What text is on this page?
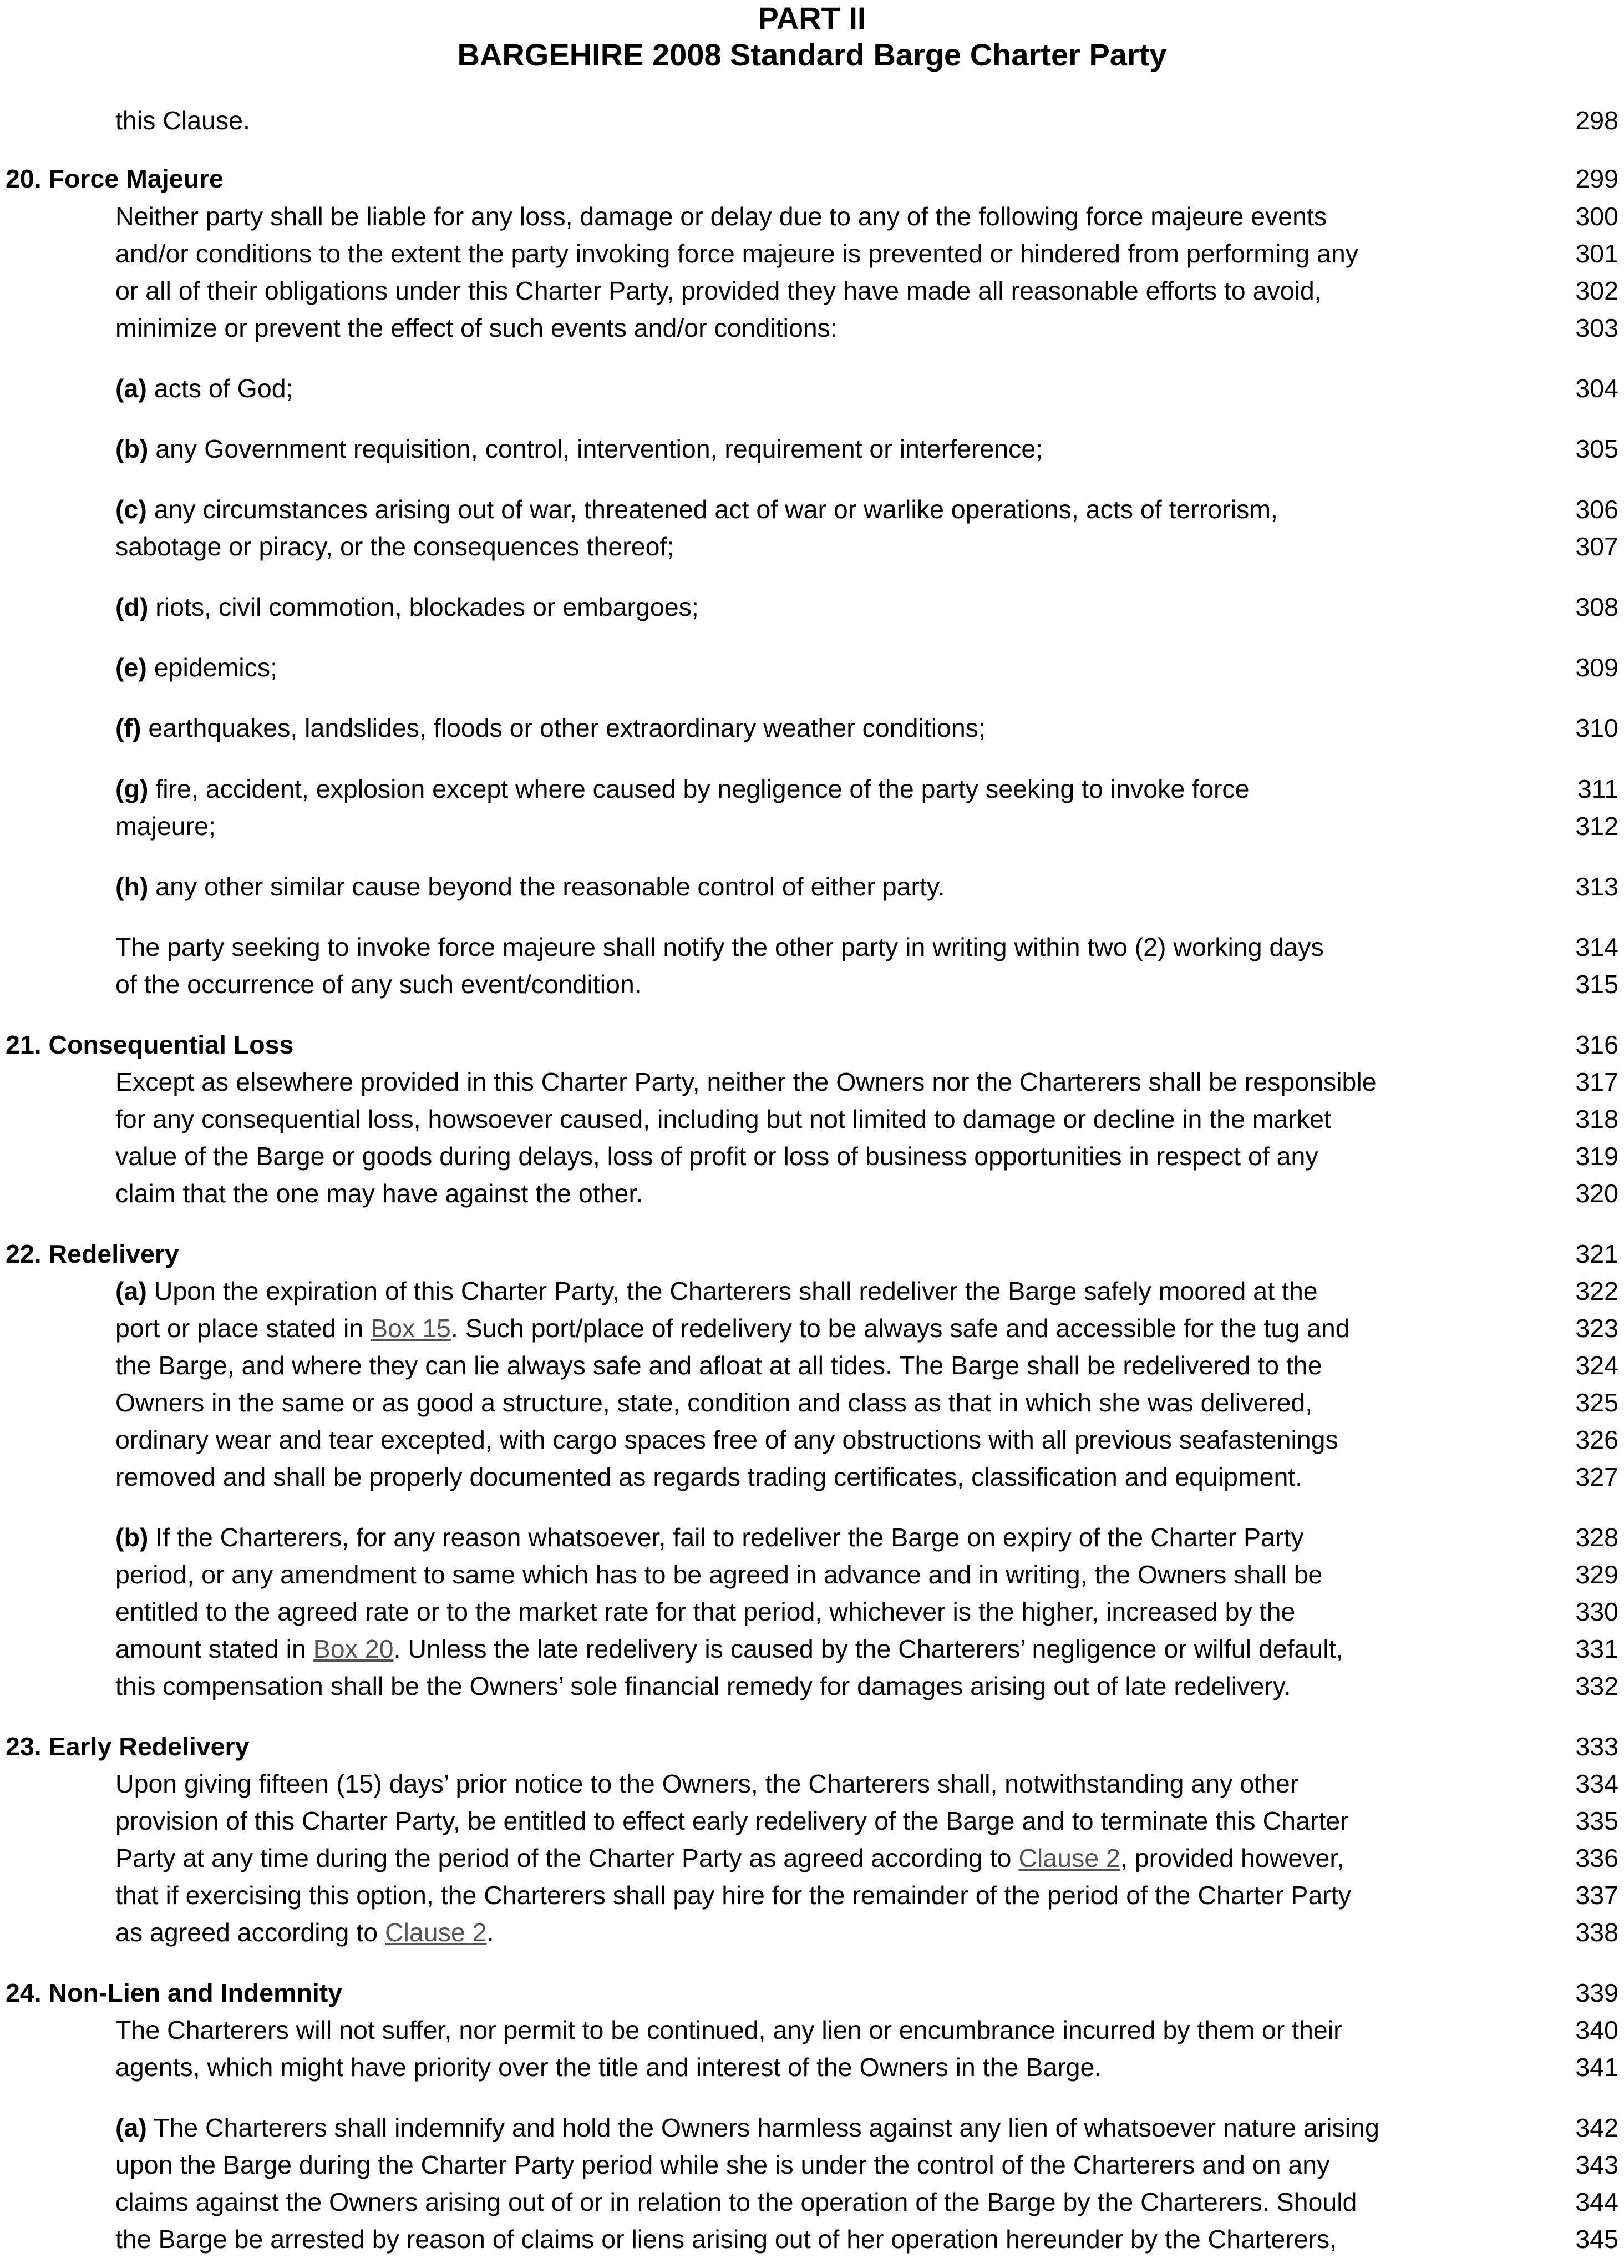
PART II
BARGEHIRE 2008 Standard Barge Charter Party
this Clause.	298
20. Force Majeure	299
Neither party shall be liable for any loss, damage or delay due to any of the following force majeure events	300
and/or conditions to the extent the party invoking force majeure is prevented or hindered from performing any	301
or all of their obligations under this Charter Party, provided they have made all reasonable efforts to avoid,	302
minimize or prevent the effect of such events and/or conditions:	303
(a) acts of God;	304
(b) any Government requisition, control, intervention, requirement or interference;	305
(c) any circumstances arising out of war, threatened act of war or warlike operations, acts of terrorism,	306
sabotage or piracy, or the consequences thereof;	307
(d) riots, civil commotion, blockades or embargoes;	308
(e) epidemics;	309
(f) earthquakes, landslides, floods or other extraordinary weather conditions;	310
(g) fire, accident, explosion except where caused by negligence of the party seeking to invoke force	311
majeure;	312
(h) any other similar cause beyond the reasonable control of either party.	313
The party seeking to invoke force majeure shall notify the other party in writing within two (2) working days	314
of the occurrence of any such event/condition.	315
21. Consequential Loss	316
Except as elsewhere provided in this Charter Party, neither the Owners nor the Charterers shall be responsible	317
for any consequential loss, howsoever caused, including but not limited to damage or decline in the market	318
value of the Barge or goods during delays, loss of profit or loss of business opportunities in respect of any	319
claim that the one may have against the other.	320
22. Redelivery	321
(a) Upon the expiration of this Charter Party, the Charterers shall redeliver the Barge safely moored at the	322
port or place stated in Box 15. Such port/place of redelivery to be always safe and accessible for the tug and	323
the Barge, and where they can lie always safe and afloat at all tides. The Barge shall be redelivered to the	324
Owners in the same or as good a structure, state, condition and class as that in which she was delivered,	325
ordinary wear and tear excepted, with cargo spaces free of any obstructions with all previous seafastenings	326
removed and shall be properly documented as regards trading certificates, classification and equipment.	327
(b) If the Charterers, for any reason whatsoever, fail to redeliver the Barge on expiry of the Charter Party	328
period, or any amendment to same which has to be agreed in advance and in writing, the Owners shall be	329
entitled to the agreed rate or to the market rate for that period, whichever is the higher, increased by the	330
amount stated in Box 20. Unless the late redelivery is caused by the Charterers’ negligence or wilful default,	331
this compensation shall be the Owners’ sole financial remedy for damages arising out of late redelivery.	332
23. Early Redelivery	333
Upon giving fifteen (15) days’ prior notice to the Owners, the Charterers shall, notwithstanding any other	334
provision of this Charter Party, be entitled to effect early redelivery of the Barge and to terminate this Charter	335
Party at any time during the period of the Charter Party as agreed according to Clause 2, provided however,	336
that if exercising this option, the Charterers shall pay hire for the remainder of the period of the Charter Party	337
as agreed according to Clause 2.	338
24. Non-Lien and Indemnity	339
The Charterers will not suffer, nor permit to be continued, any lien or encumbrance incurred by them or their	340
agents, which might have priority over the title and interest of the Owners in the Barge.	341
(a) The Charterers shall indemnify and hold the Owners harmless against any lien of whatsoever nature arising	342
upon the Barge during the Charter Party period while she is under the control of the Charterers and on any	343
claims against the Owners arising out of or in relation to the operation of the Barge by the Charterers. Should	344
the Barge be arrested by reason of claims or liens arising out of her operation hereunder by the Charterers,	345
